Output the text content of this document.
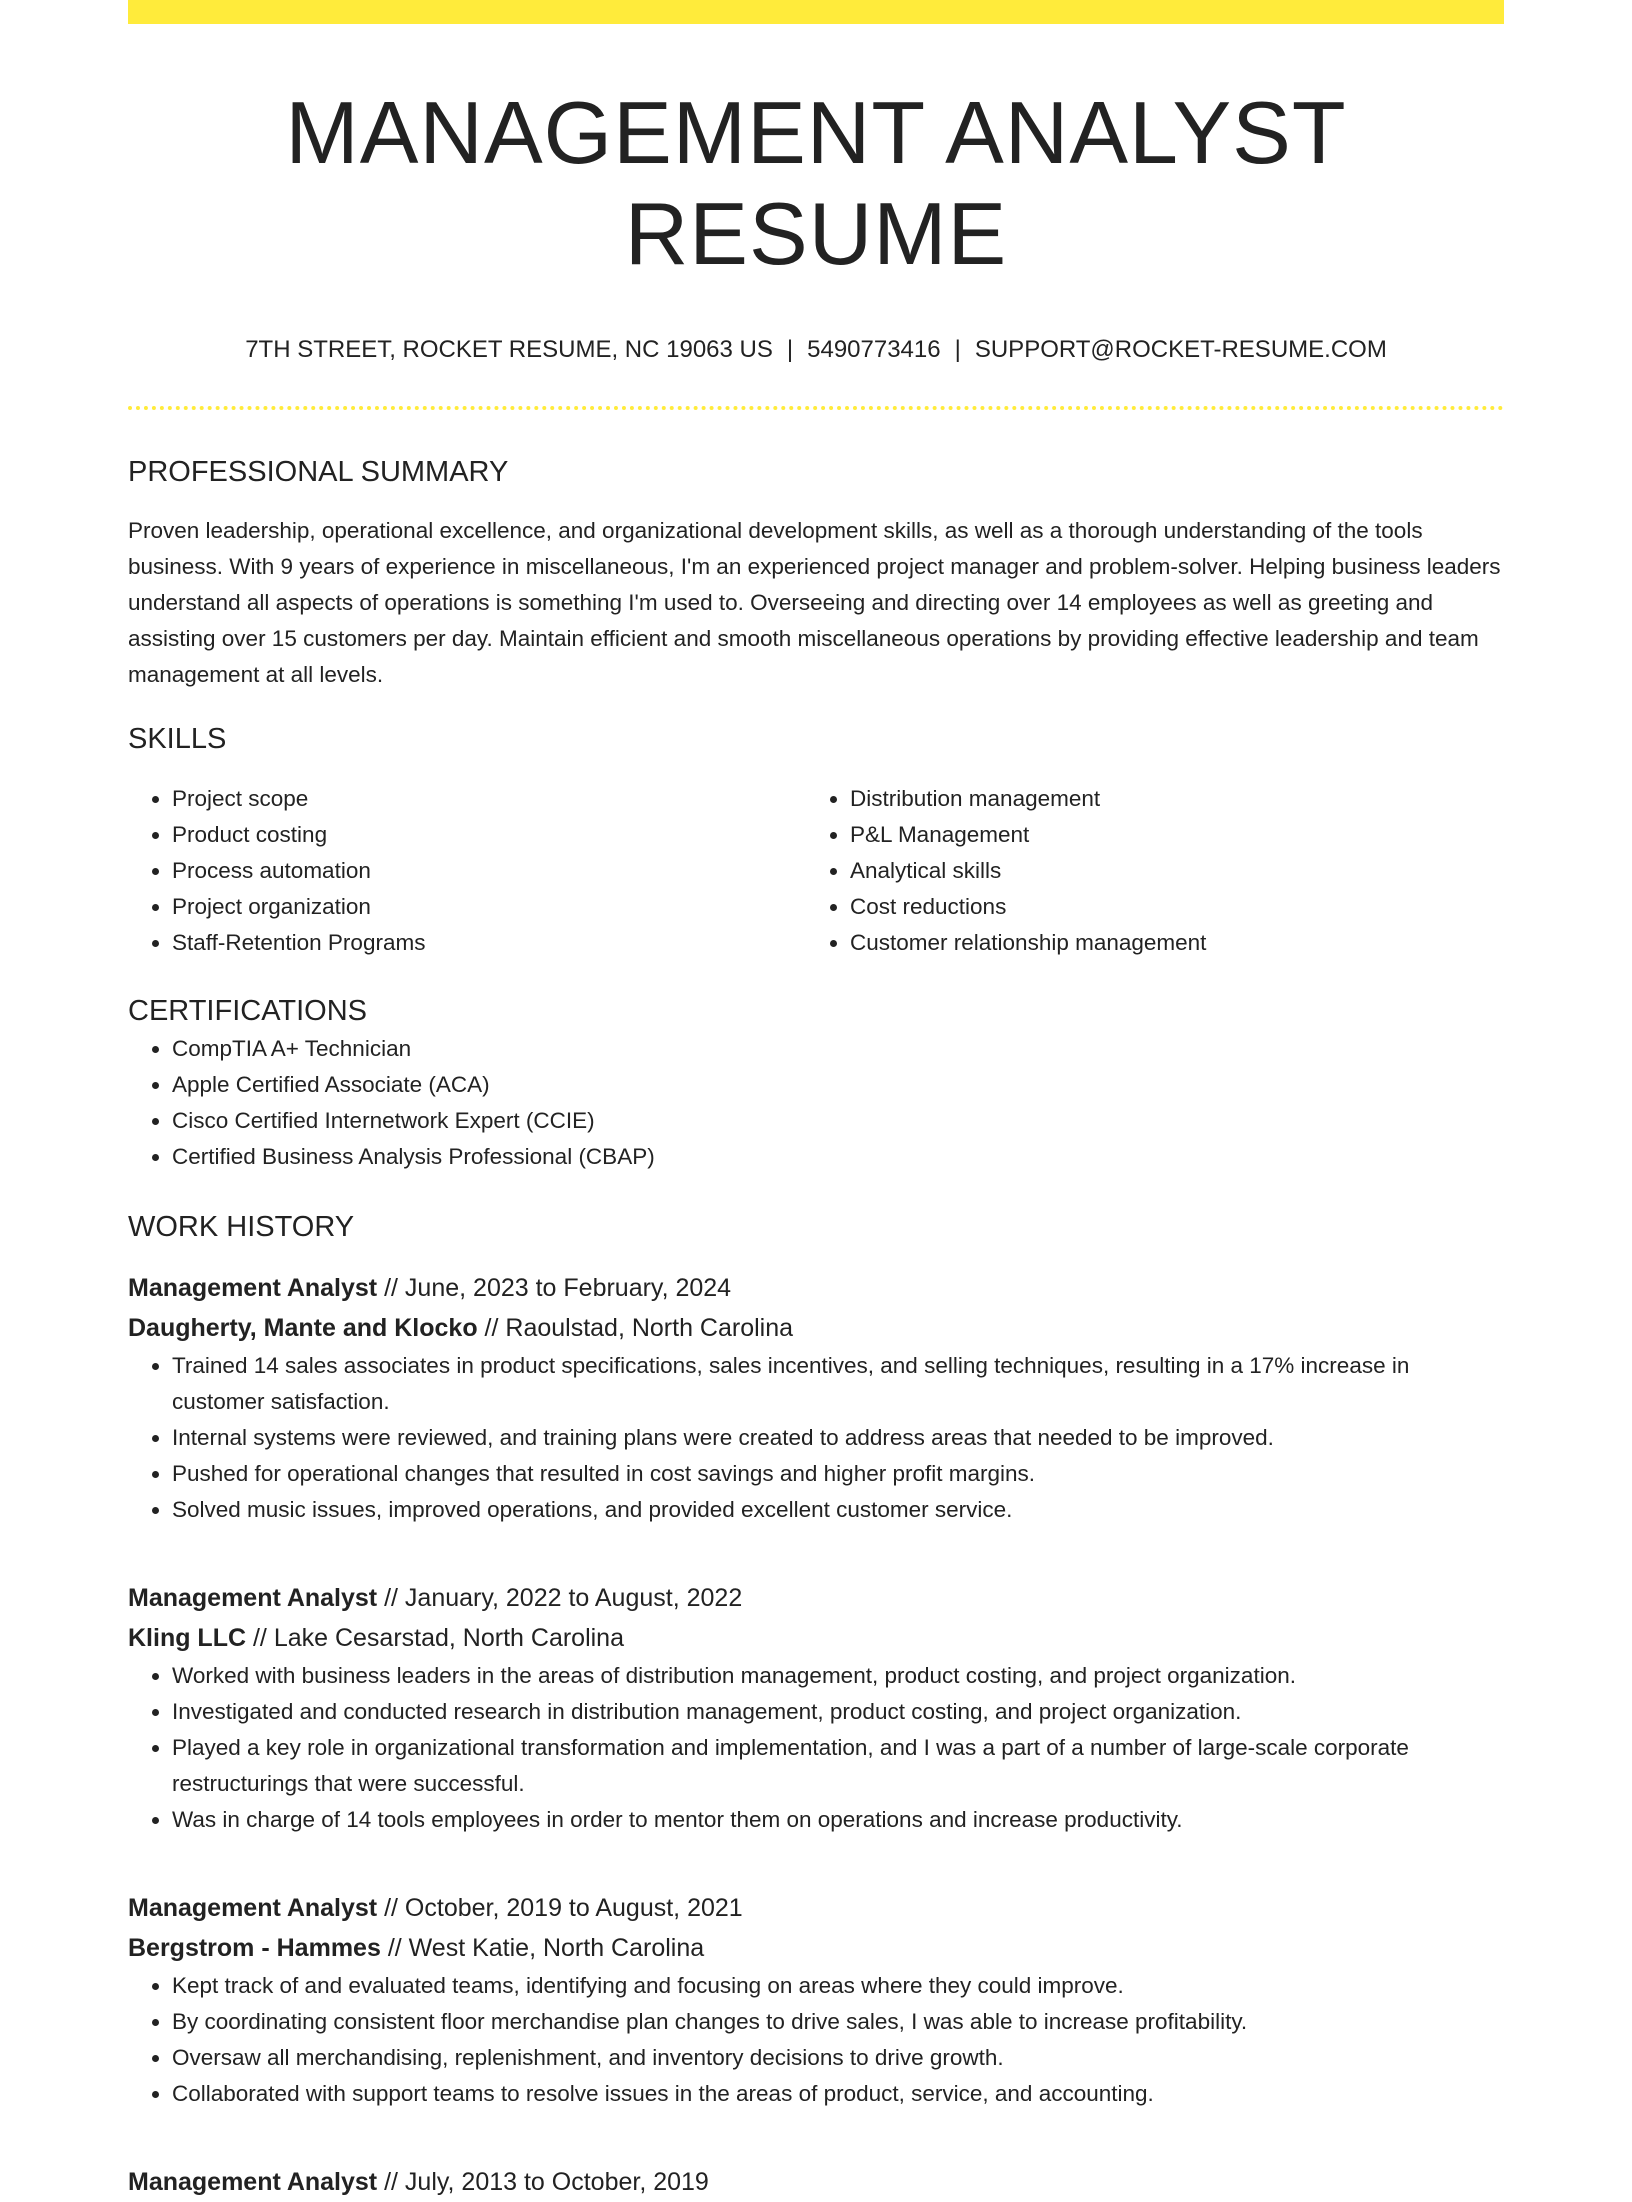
MANAGEMENT ANALYST RESUME
7TH STREET, ROCKET RESUME, NC 19063 US | 5490773416 | SUPPORT@ROCKET-RESUME.COM
PROFESSIONAL SUMMARY
Proven leadership, operational excellence, and organizational development skills, as well as a thorough understanding of the tools business. With 9 years of experience in miscellaneous, I'm an experienced project manager and problem-solver. Helping business leaders understand all aspects of operations is something I'm used to. Overseeing and directing over 14 employees as well as greeting and assisting over 15 customers per day. Maintain efficient and smooth miscellaneous operations by providing effective leadership and team management at all levels.
SKILLS
• Project scope
• Product costing
• Process automation
• Project organization
• Staff-Retention Programs
• Distribution management
• P&L Management
• Analytical skills
• Cost reductions
• Customer relationship management
CERTIFICATIONS
• CompTIA A+ Technician
• Apple Certified Associate (ACA)
• Cisco Certified Internetwork Expert (CCIE)
• Certified Business Analysis Professional (CBAP)
WORK HISTORY
Management Analyst // June, 2023 to February, 2024
Daugherty, Mante and Klocko // Raoulstad, North Carolina
• Trained 14 sales associates in product specifications, sales incentives, and selling techniques, resulting in a 17% increase in customer satisfaction.
• Internal systems were reviewed, and training plans were created to address areas that needed to be improved.
• Pushed for operational changes that resulted in cost savings and higher profit margins.
• Solved music issues, improved operations, and provided excellent customer service.
Management Analyst // January, 2022 to August, 2022
Kling LLC // Lake Cesarstad, North Carolina
• Worked with business leaders in the areas of distribution management, product costing, and project organization.
• Investigated and conducted research in distribution management, product costing, and project organization.
• Played a key role in organizational transformation and implementation, and I was a part of a number of large-scale corporate restructurings that were successful.
• Was in charge of 14 tools employees in order to mentor them on operations and increase productivity.
Management Analyst // October, 2019 to August, 2021
Bergstrom - Hammes // West Katie, North Carolina
• Kept track of and evaluated teams, identifying and focusing on areas where they could improve.
• By coordinating consistent floor merchandise plan changes to drive sales, I was able to increase profitability.
• Oversaw all merchandising, replenishment, and inventory decisions to drive growth.
• Collaborated with support teams to resolve issues in the areas of product, service, and accounting.
Management Analyst // July, 2013 to October, 2019
